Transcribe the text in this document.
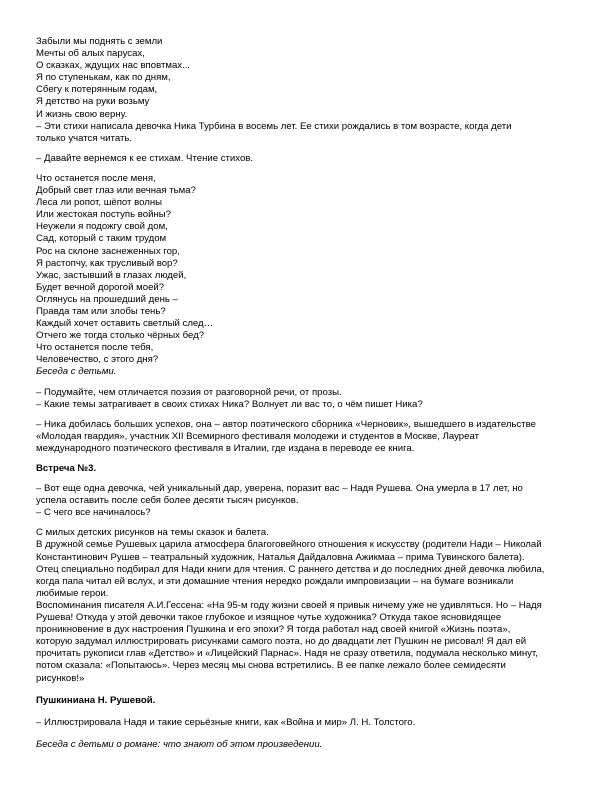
Забыли мы поднять с земли
Мечты об алых парусах,
О сказках, ждущих нас вповтмах...
Я по ступенькам, как по дням,
Сбегу к потерянным годам,
Я детство на руки возьму
И жизнь свою верну.
– Эти стихи написала девочка Ника Турбина в восемь лет. Ее стихи рождались в том возрасте, когда дети
только учатся читать.
– Давайте вернемся к ее стихам. Чтение стихов.
Что останется после меня,
Добрый свет глаз или вечная тьма?
Леса ли ропот, шёпот волны
Или жестокая поступь войны?
Неужели я подожгу свой дом,
Сад, который с таким трудом
Рос на склоне заснеженных гор,
Я растопчу, как трусливый вор?
Ужас, застывший в глазах людей,
Будет вечной дорогой моей?
Оглянусь на прошедший день –
Правда там или злобы тень?
Каждый хочет оставить светлый след…
Отчего же тогда столько чёрных бед?
Что останется после тебя,
Человечество, с этого дня?
Беседа с детьми.
– Подумайте, чем отличается поэзия от разговорной речи, от прозы.
– Какие темы затрагивает в своих стихах Ника? Волнует ли вас то, о чём пишет Ника?
– Ника добилась больших успехов, она – автор поэтического сборника «Черновик», вышедшего в издательстве
«Молодая гвардия», участник XII Всемирного фестиваля молодежи и студентов в Москве, Лауреат
международного поэтического фестиваля в Италии, где издана в переводе ее книга.
Встреча №3.
– Вот еще одна девочка, чей уникальный дар, уверена, поразит вас – Надя Рушева. Она умерла в 17 лет, но
успела оставить после себя более десяти тысяч рисунков.
– С чего все начиналось?
С милых детских рисунков на темы сказок и балета.
В дружной семье Рушевых царила атмосфера благоговейного отношения к искусству (родители Нади – Николай
Константинович Рушев – театральный художник, Наталья Дайдаловна Ажикмаа – прима Тувинского балета).
Отец специально подбирал для Нади книги для чтения. С раннего детства и до последних дней девочка любила,
когда папа читал ей вслух, и эти домашние чтения нередко рождали импровизации – на бумаге возникали
любимые герои.
Воспоминания писателя А.И.Гессена: «На 95-м году жизни своей я привык ничему уже не удивляться. Но – Надя
Рушева! Откуда у этой девочки такое глубокое и изящное чутье художника? Откуда такое ясновидящее
проникновение в дух настроения Пушкина и его эпохи? Я тогда работал над своей книгой «Жизнь поэта»,
которую задумал иллюстрировать рисунками самого поэта, но до двадцати лет Пушкин не рисовал! Я дал ей
прочитать рукописи глав «Детство» и «Лицейский Парнас». Надя не сразу ответила, подумала несколько минут,
потом сказала: «Попытаюсь». Через месяц мы снова встретились. В ее папке лежало более семидесяти
рисунков!»
Пушкиниана Н. Рушевой.
– Иллюстрировала Надя и такие серьёзные книги, как «Война и мир» Л. Н. Толстого.
Беседа с детьми о романе: что знают об этом произведении.
